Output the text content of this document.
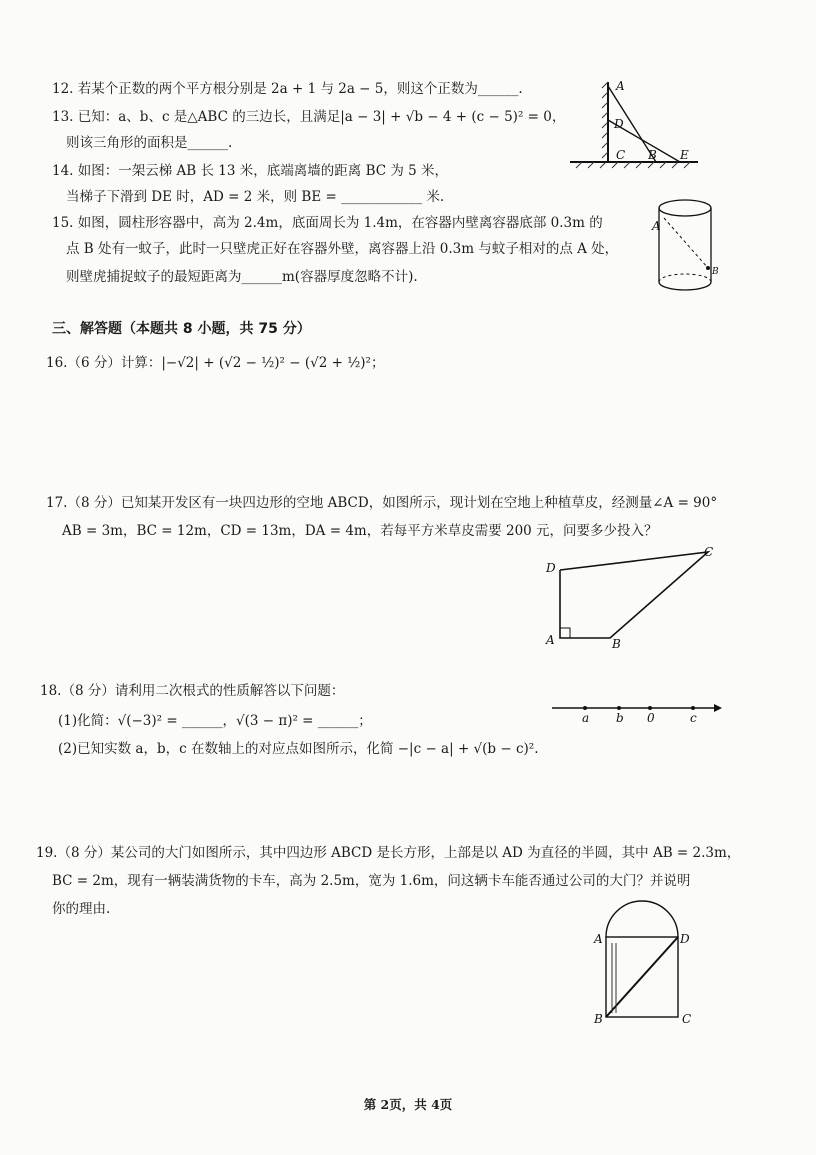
12. 若某个正数的两个平方根分别是 2a + 1 与 2a − 5，则这个正数为______.
13. 已知：a、b、c 是△ABC 的三边长，且满足|a − 3| + √b − 4 + (c − 5)² = 0，
则该三角形的面积是______.
14. 如图：一架云梯 AB 长 13 米，底端离墙的距离 BC 为 5 米，
当梯子下滑到 DE 时，AD = 2 米，则 BE = ____________ 米.
15. 如图，圆柱形容器中，高为 2.4m，底面周长为 1.4m，在容器内壁离容器底部 0.3m 的
点 B 处有一蚊子，此时一只壁虎正好在容器外壁，离容器上沿 0.3m 与蚊子相对的点 A 处，
则壁虎捕捉蚊子的最短距离为______m(容器厚度忽略不计).
A
D
C B E
A
B
三、解答题（本题共 8 小题，共 75 分）
16.（6 分）计算：|−√2| + (√2 − ½)² − (√2 + ½)²；
17.（8 分）已知某开发区有一块四边形的空地 ABCD，如图所示，现计划在空地上种植草皮，经测量∠A = 90°
AB = 3m，BC = 12m，CD = 13m，DA = 4m，若每平方米草皮需要 200 元，问要多少投入？
A	B
C
D
18.（8 分）请利用二次根式的性质解答以下问题：
(1)化简：√(−3)² = ______，√(3 − π)² = ______；
(2)已知实数 a，b，c 在数轴上的对应点如图所示，化简 −|c − a| + √(b − c)².
a b 0	c
19.（8 分）某公司的大门如图所示，其中四边形 ABCD 是长方形，上部是以 AD 为直径的半圆，其中 AB = 2.3m，
BC = 2m，现有一辆装满货物的卡车，高为 2.5m，宽为 1.6m，问这辆卡车能否通过公司的大门？并说明
你的理由.
A
B	C
D
第 2页，共 4页
